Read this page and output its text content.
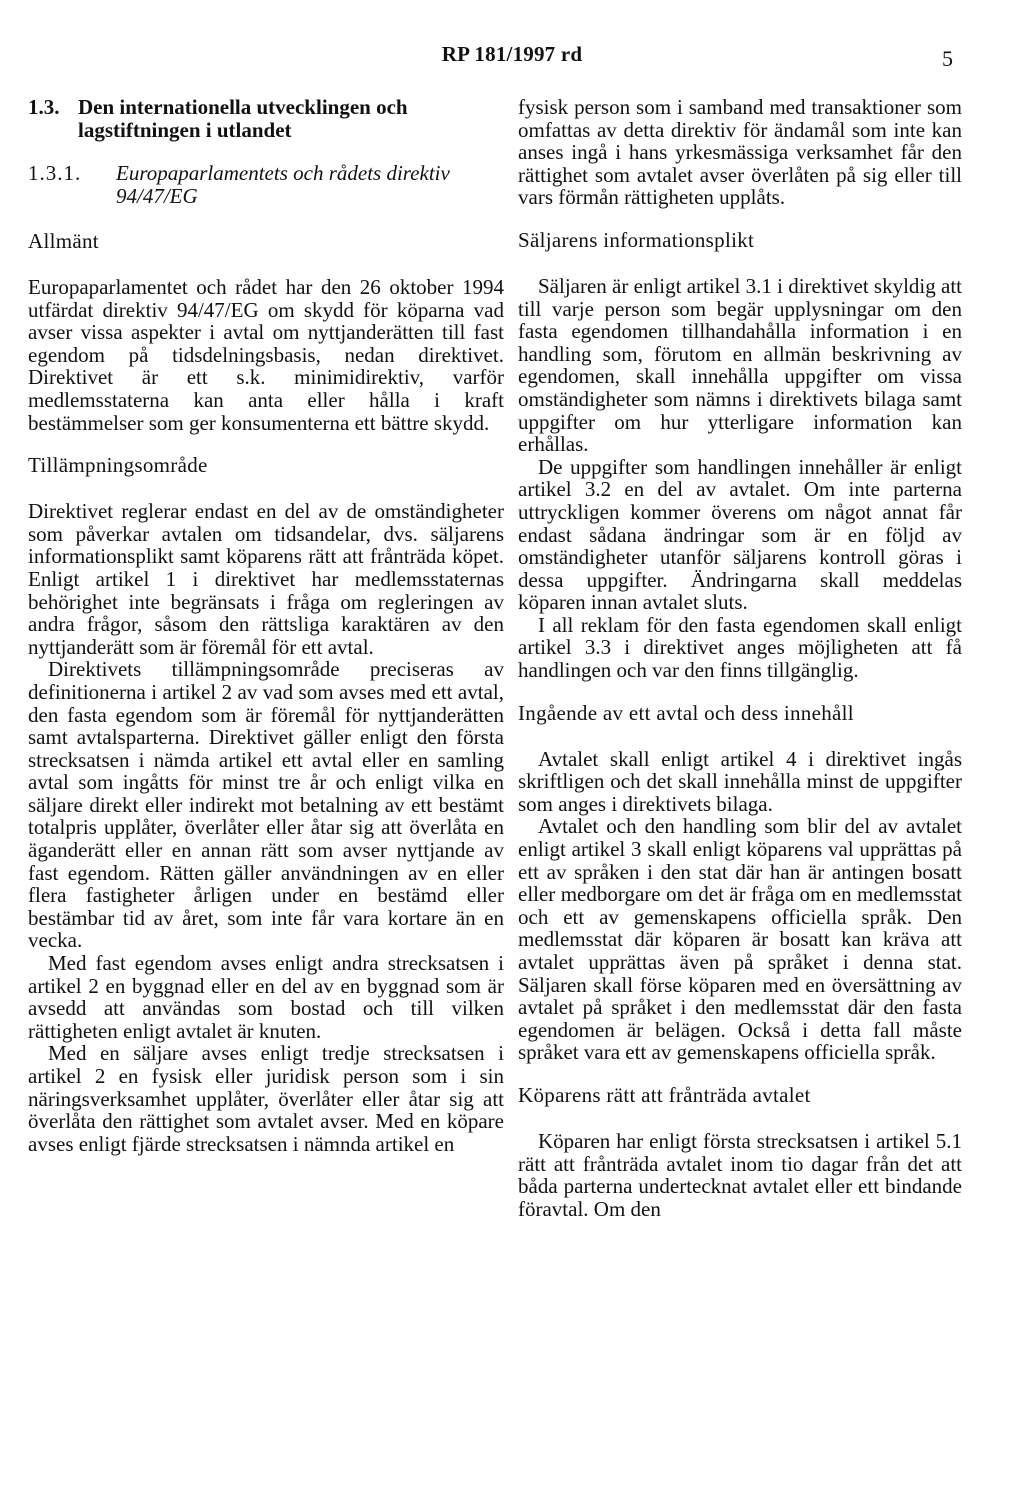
RP 181/1997 rd	5
1.3. Den internationella utvecklingen och lagstiftningen i utlandet
1.3.1.	Europaparlamentets och rådets direktiv 94/47/EG
Allmänt

Europaparlamentet och rådet har den 26 oktober 1994 utfärdat direktiv 94/47/EG om skydd för köparna vad avser vissa aspekter i avtal om nyttjanderätten till fast egendom på tidsdelningsbasis, nedan direktivet. Direktivet är ett s.k. minimidirektiv, varför medlemsstaterna kan anta eller hålla i kraft bestämmelser som ger konsumenterna ett bättre skydd.

Tillämpningsområde

Direktivet reglerar endast en del av de omständigheter som påverkar avtalen om tidsandelar, dvs. säljarens informationsplikt samt köparens rätt att frånträda köpet. Enligt artikel 1 i direktivet har medlemsstaternas behörighet inte begränsats i fråga om regleringen av andra frågor, såsom den rättsliga karaktären av den nyttjanderätt som är föremål för ett avtal.

Direktivets tillämpningsområde preciseras av definitionerna i artikel 2 av vad som avses med ett avtal, den fasta egendom som är föremål för nyttjanderätten samt avtalsparterna. Direktivet gäller enligt den första strecksatsen i nämda artikel ett avtal eller en samling avtal som ingåtts för minst tre år och enligt vilka en säljare direkt eller indirekt mot betalning av ett bestämt totalpris upplåter, överlåter eller åtar sig att överlåta en äganderätt eller en annan rätt som avser nyttjande av fast egendom. Rätten gäller användningen av en eller flera fastigheter årligen under en bestämd eller bestämbar tid av året, som inte får vara kortare än en vecka.

Med fast egendom avses enligt andra strecksatsen i artikel 2 en byggnad eller en del av en byggnad som är avsedd att användas som bostad och till vilken rättigheten enligt avtalet är knuten.

Med en säljare avses enligt tredje strecksatsen i artikel 2 en fysisk eller juridisk person som i sin näringsverksamhet upplåter, överlåter eller åtar sig att överlåta den rättighet som avtalet avser. Med en köpare avses enligt fjärde strecksatsen i nämnda artikel en

fysisk person som i samband med transaktioner som omfattas av detta direktiv för ändamål som inte kan anses ingå i hans yrkesmässiga verksamhet får den rättighet som avtalet avser överlåten på sig eller till vars förmån rättigheten upplåts.

Säljarens informationsplikt

Säljaren är enligt artikel 3.1 i direktivet skyldig att till varje person som begär upplysningar om den fasta egendomen tillhandahålla information i en handling som, förutom en allmän beskrivning av egendomen, skall innehålla uppgifter om vissa omständigheter som nämns i direktivets bilaga samt uppgifter om hur ytterligare information kan erhållas.

De uppgifter som handlingen innehåller är enligt artikel 3.2 en del av avtalet. Om inte parterna uttryckligen kommer överens om något annat får endast sådana ändringar som är en följd av omständigheter utanför säljarens kontroll göras i dessa uppgifter. Ändringarna skall meddelas köparen innan avtalet sluts.

I all reklam för den fasta egendomen skall enligt artikel 3.3 i direktivet anges möjligheten att få handlingen och var den finns tillgänglig.

Ingående av ett avtal och dess innehåll

Avtalet skall enligt artikel 4 i direktivet ingås skriftligen och det skall innehålla minst de uppgifter som anges i direktivets bilaga.

Avtalet och den handling som blir del av avtalet enligt artikel 3 skall enligt köparens val upprättas på ett av språken i den stat där han är antingen bosatt eller medborgare om det är fråga om en medlemsstat och ett av gemenskapens officiella språk. Den medlemsstat där köparen är bosatt kan kräva att avtalet upprättas även på språket i denna stat. Säljaren skall förse köparen med en översättning av avtalet på språket i den medlemsstat där den fasta egendomen är belägen. Också i detta fall måste språket vara ett av gemenskapens officiella språk.

Köparens rätt att frånträda avtalet

Köparen har enligt första strecksatsen i artikel 5.1 rätt att frånträda avtalet inom tio dagar från det att båda parterna undertecknat avtalet eller ett bindande föravtal. Om den
